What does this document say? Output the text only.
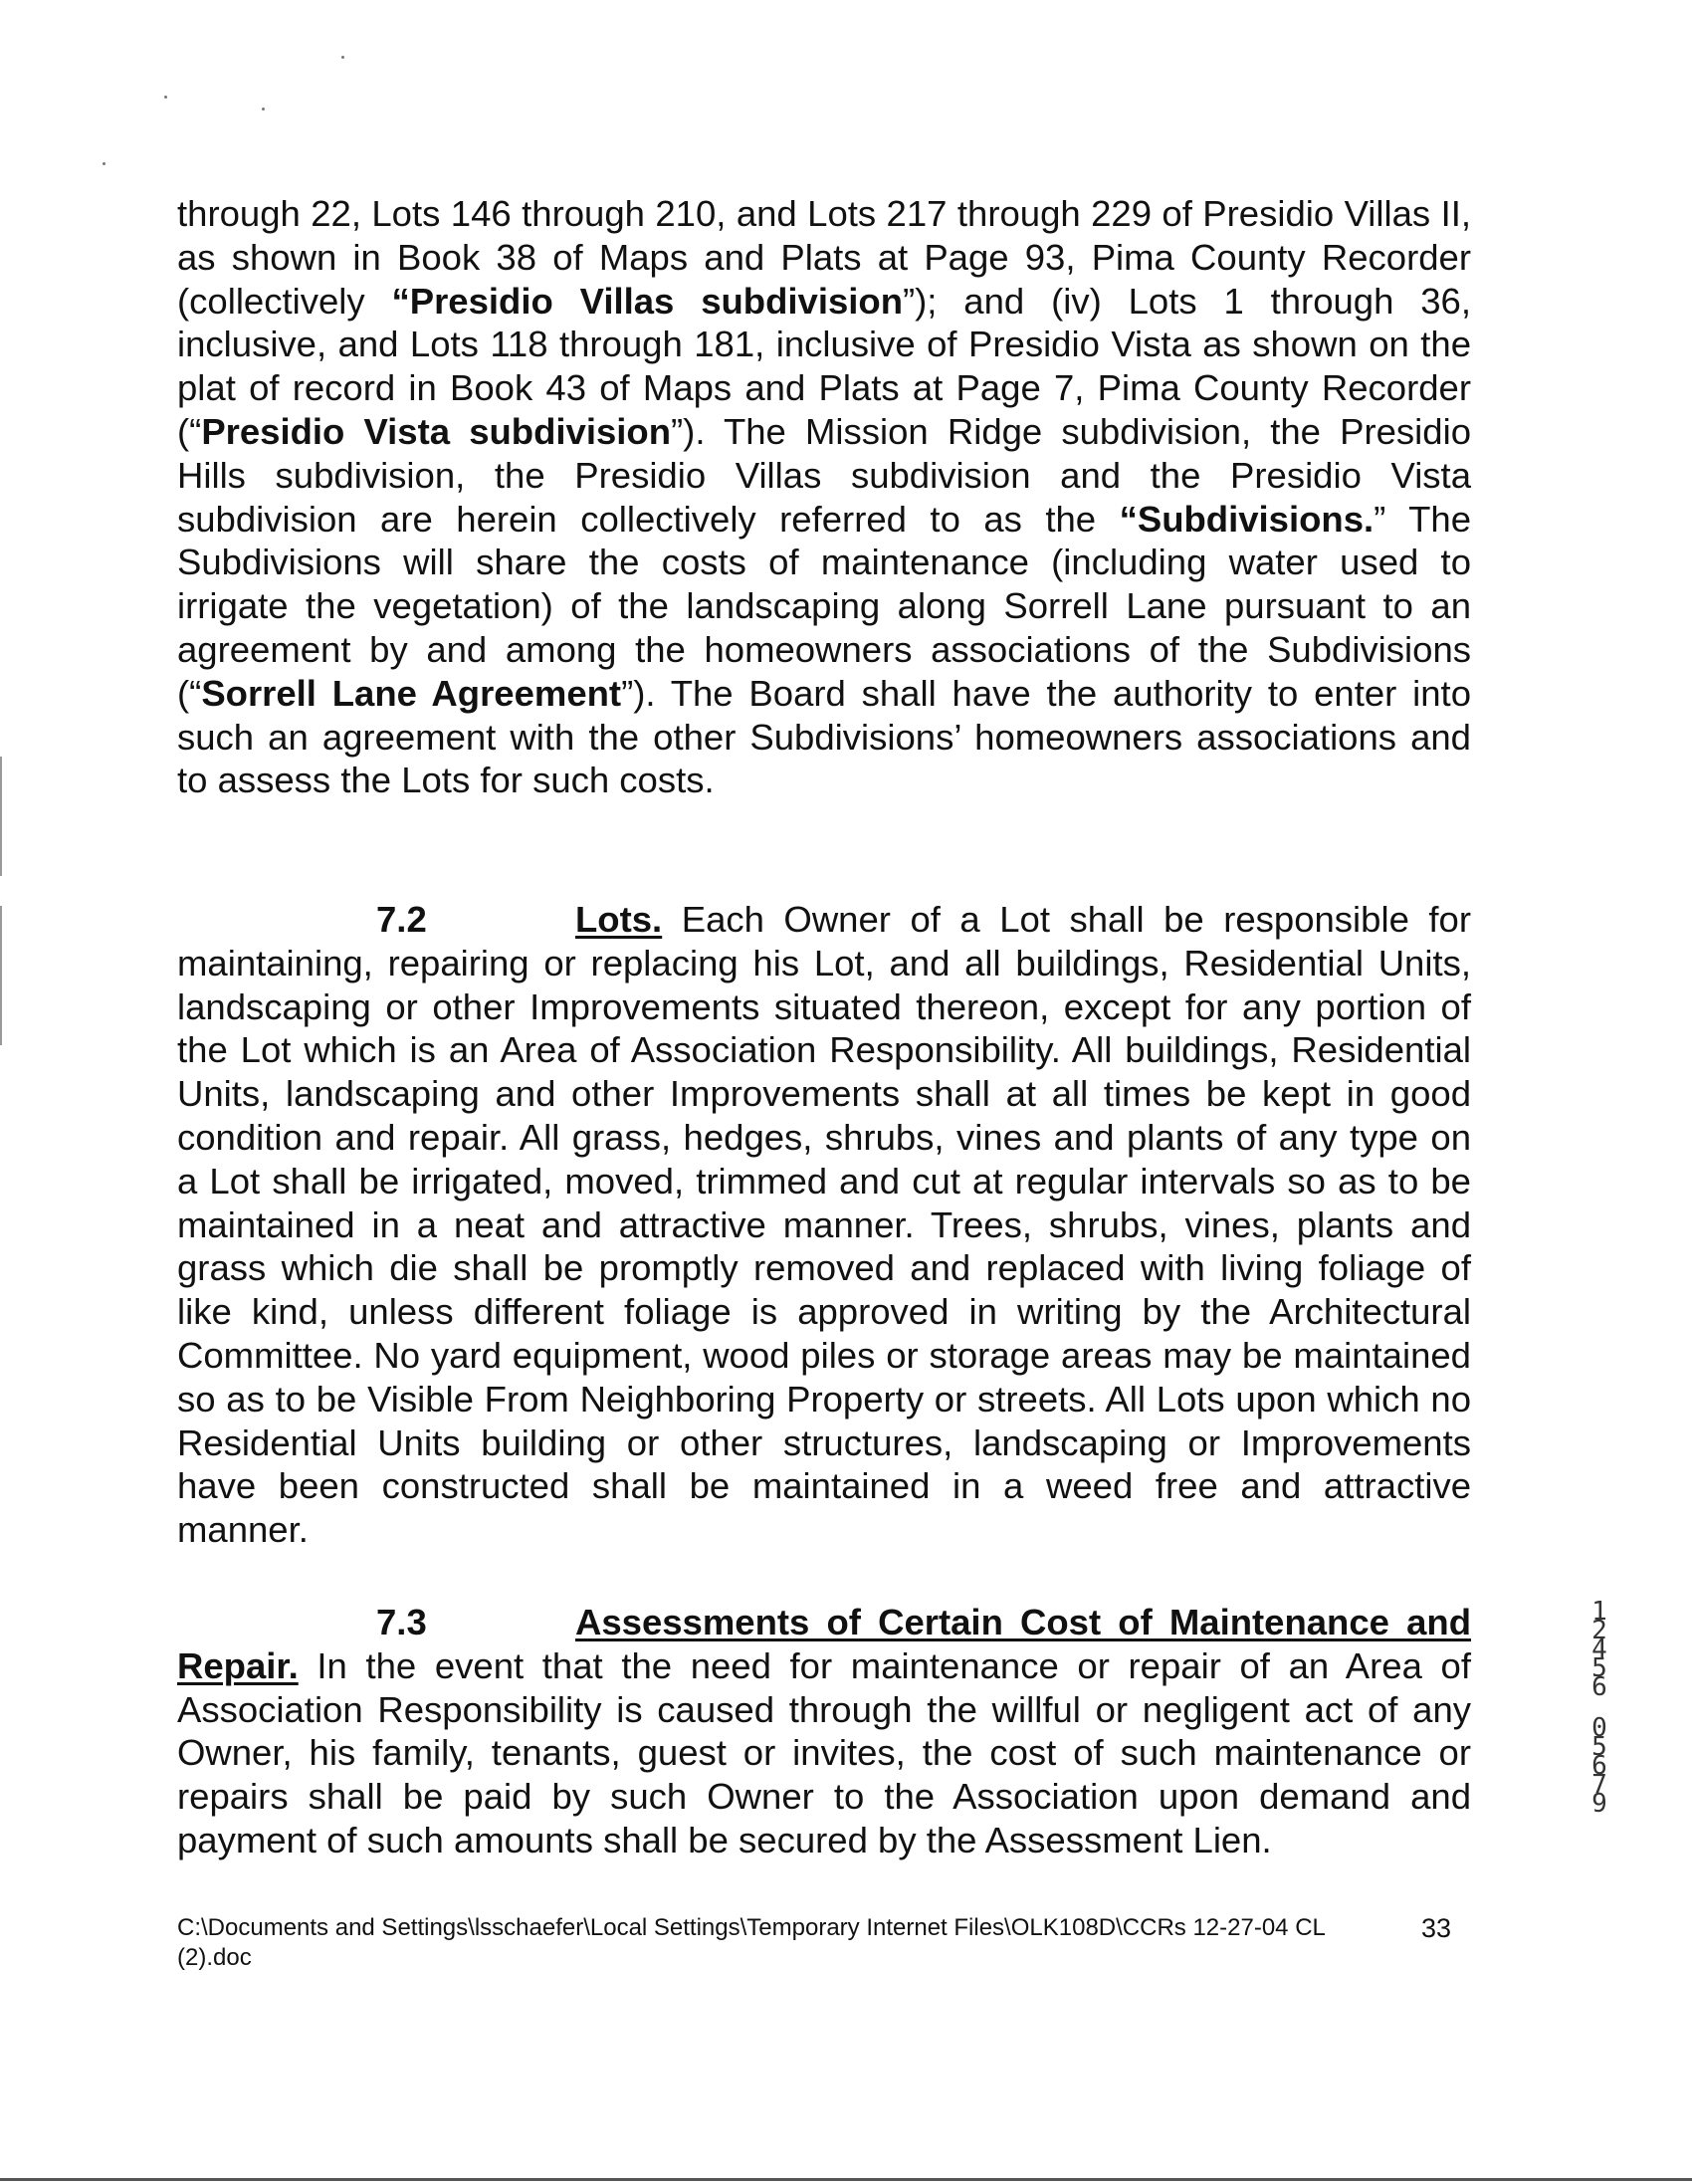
through 22, Lots 146 through 210, and Lots 217 through 229 of Presidio Villas II, as shown in Book 38 of Maps and Plats at Page 93, Pima County Recorder (collectively “Presidio Villas subdivision”); and (iv) Lots 1 through 36, inclusive, and Lots 118 through 181, inclusive of Presidio Vista as shown on the plat of record in Book 43 of Maps and Plats at Page 7, Pima County Recorder (“Presidio Vista subdivision”). The Mission Ridge subdivision, the Presidio Hills subdivision, the Presidio Villas subdivision and the Presidio Vista subdivision are herein collectively referred to as the “Subdivisions.” The Subdivisions will share the costs of maintenance (including water used to irrigate the vegetation) of the landscaping along Sorrell Lane pursuant to an agreement by and among the homeowners associations of the Subdivisions (“Sorrell Lane Agreement”). The Board shall have the authority to enter into such an agreement with the other Subdivisions’ homeowners associations and to assess the Lots for such costs.

7.2	Lots. Each Owner of a Lot shall be responsible for maintaining, repairing or replacing his Lot, and all buildings, Residential Units, landscaping or other Improvements situated thereon, except for any portion of the Lot which is an Area of Association Responsibility. All buildings, Residential Units, landscaping and other Improvements shall at all times be kept in good condition and repair. All grass, hedges, shrubs, vines and plants of any type on a Lot shall be irrigated, moved, trimmed and cut at regular intervals so as to be maintained in a neat and attractive manner. Trees, shrubs, vines, plants and grass which die shall be promptly removed and replaced with living foliage of like kind, unless different foliage is approved in writing by the Architectural Committee. No yard equipment, wood piles or storage areas may be maintained so as to be Visible From Neighboring Property or streets. All Lots upon which no Residential Units building or other structures, landscaping or Improvements have been constructed shall be maintained in a weed free and attractive manner.

7.3	Assessments of Certain Cost of Maintenance and Repair. In the event that the need for maintenance or repair of an Area of Association Responsibility is caused through the willful or negligent act of any Owner, his family, tenants, guest or invites, the cost of such maintenance or repairs shall be paid by such Owner to the Association upon demand and payment of such amounts shall be secured by the Assessment Lien.

C:\Documents and Settings\lsschaefer\Local Settings\Temporary Internet Files\OLK108D\CCRs 12-27-04 CL (2).doc
33
12456
05679
